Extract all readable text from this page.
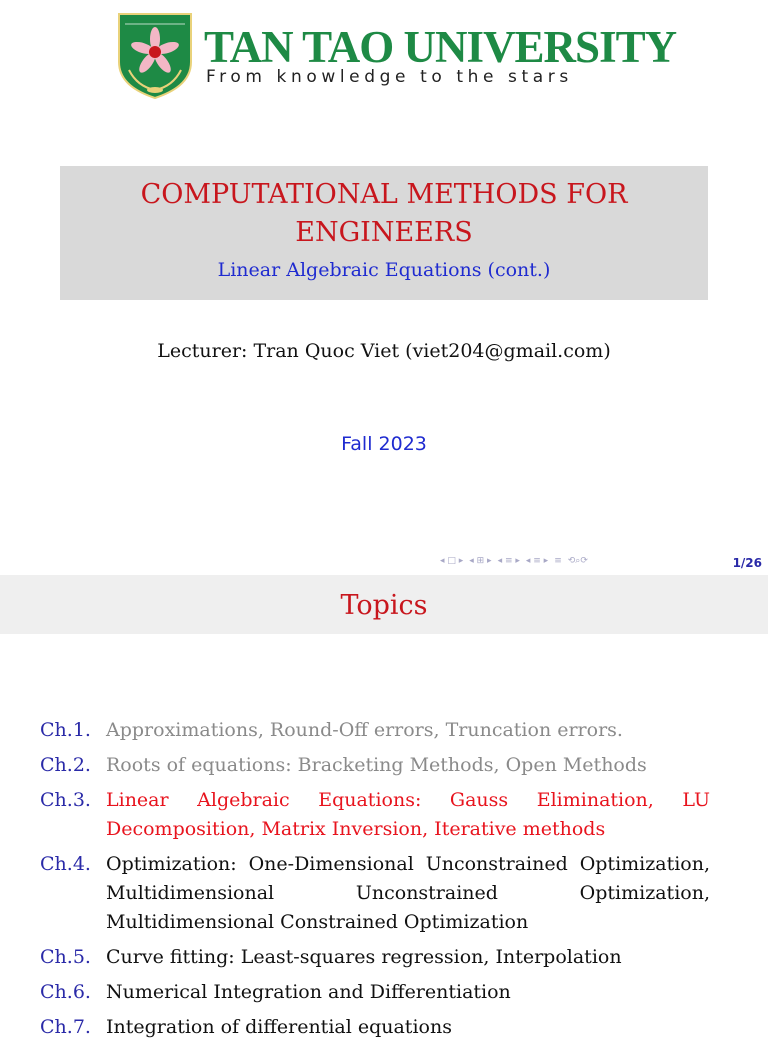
TAN TAO UNIVERSITY
From knowledge to the stars
COMPUTATIONAL METHODS FOR ENGINEERS
Linear Algebraic Equations (cont.)
Lecturer: Tran Quoc Viet (viet204@gmail.com)
Fall 2023
◂ □ ▸ ◂ ⊞ ▸ ◂ ≡ ▸ ◂ ≡ ▸ ≡ ⟲⌕⟳	1/26
Topics
Ch.1. Approximations, Round-Off errors, Truncation errors.
Ch.2. Roots of equations: Bracketing Methods, Open Methods
Ch.3. Linear Algebraic Equations: Gauss Elimination, LU Decomposition, Matrix Inversion, Iterative methods
Ch.4. Optimization: One-Dimensional Unconstrained Optimization, Multidimensional Unconstrained Optimization, Multidimensional Constrained Optimization
Ch.5. Curve fitting: Least-squares regression, Interpolation
Ch.6. Numerical Integration and Differentiation
Ch.7. Integration of differential equations
